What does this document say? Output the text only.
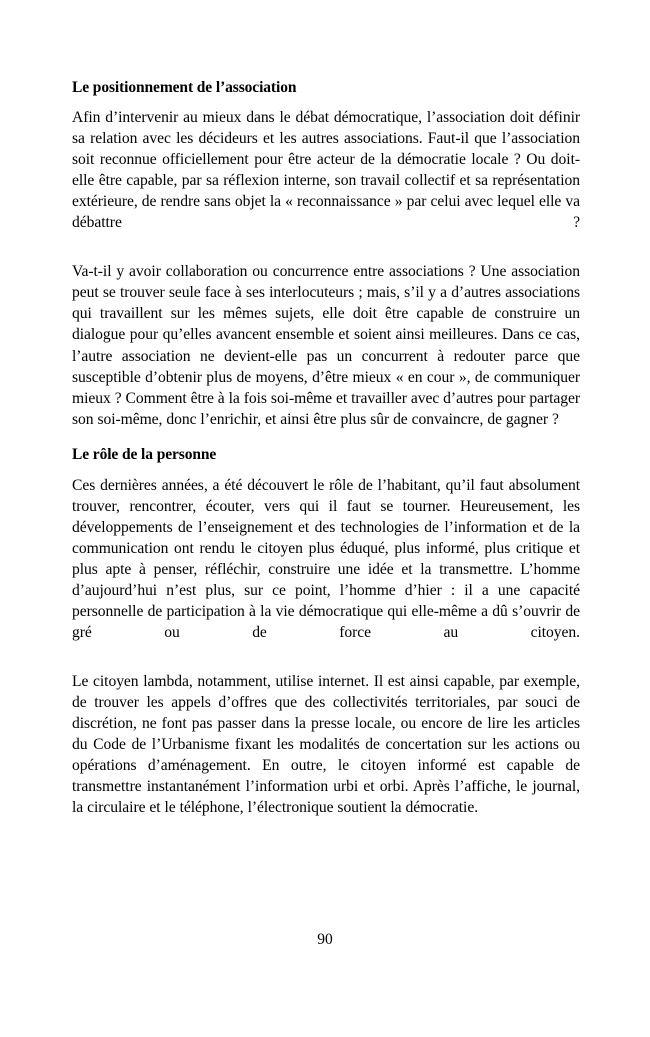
Le positionnement de l’association

Afin d’intervenir au mieux dans le débat démocratique, l’association doit définir sa relation avec les décideurs et les autres associations. Faut-il que l’association soit reconnue officiellement pour être acteur de la démocratie locale ? Ou doit-elle être capable, par sa réflexion interne, son travail collectif et sa représentation extérieure, de rendre sans objet la « reconnaissance » par celui avec lequel elle va débattre ?

Va-t-il y avoir collaboration ou concurrence entre associations ? Une association peut se trouver seule face à ses interlocuteurs ; mais, s’il y a d’autres associations qui travaillent sur les mêmes sujets, elle doit être capable de construire un dialogue pour qu’elles avancent ensemble et soient ainsi meilleures. Dans ce cas, l’autre association ne devient-elle pas un concurrent à redouter parce que susceptible d’obtenir plus de moyens, d’être mieux « en cour », de communiquer mieux ? Comment être à la fois soi-même et travailler avec d’autres pour partager son soi-même, donc l’enrichir, et ainsi être plus sûr de convaincre, de gagner ?

Le rôle de la personne

Ces dernières années, a été découvert le rôle de l’habitant, qu’il faut absolument trouver, rencontrer, écouter, vers qui il faut se tourner. Heureusement, les développements de l’enseignement et des technologies de l’information et de la communication ont rendu le citoyen plus éduqué, plus informé, plus critique et plus apte à penser, réfléchir, construire une idée et la transmettre. L’homme d’aujourd’hui n’est plus, sur ce point, l’homme d’hier : il a une capacité personnelle de participation à la vie démocratique qui elle-même a dû s’ouvrir de gré ou de force au citoyen.

Le citoyen lambda, notamment, utilise internet. Il est ainsi capable, par exemple, de trouver les appels d’offres que des collectivités territoriales, par souci de discrétion, ne font pas passer dans la presse locale, ou encore de lire les articles du Code de l’Urbanisme fixant les modalités de concertation sur les actions ou opérations d’aménagement. En outre, le citoyen informé est capable de transmettre instantanément l’information urbi et orbi. Après l’affiche, le journal, la circulaire et le téléphone, l’électronique soutient la démocratie.

90
